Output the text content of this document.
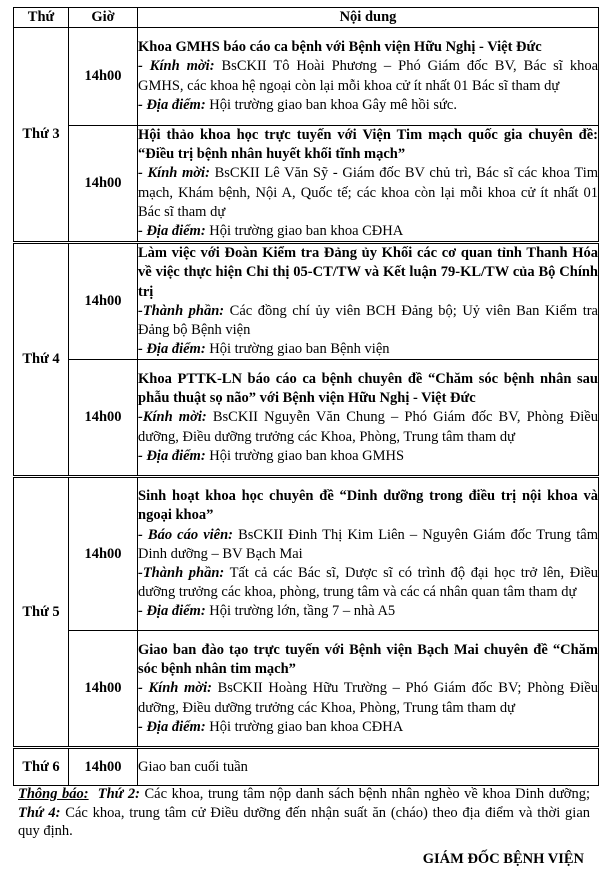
Thứ	Giờ	Nội dung
Thứ 3	14h00	Khoa GMHS báo cáo ca bệnh với Bệnh viện Hữu Nghị - Việt Đức
- Kính mời: BsCKII Tô Hoài Phương – Phó Giám đốc BV, Bác sĩ khoa GMHS, các khoa hệ ngoại còn lại mỗi khoa cử ít nhất 01 Bác sĩ tham dự
- Địa điểm: Hội trường giao ban khoa Gây mê hồi sức.

	14h00	Hội thảo khoa học trực tuyến với Viện Tim mạch quốc gia chuyên đề: “Điều trị bệnh nhân huyết khối tĩnh mạch”
- Kính mời: BsCKII Lê Văn Sỹ - Giám đốc BV chủ trì, Bác sĩ các khoa Tim mạch, Khám bệnh, Nội A, Quốc tế; các khoa còn lại mỗi khoa cử ít nhất 01 Bác sĩ tham dự
- Địa điểm: Hội trường giao ban khoa CĐHA

Thứ 4	14h00	Làm việc với Đoàn Kiểm tra Đảng ủy Khối các cơ quan tỉnh Thanh Hóa về việc thực hiện Chỉ thị 05-CT/TW và Kết luận 79-KL/TW của Bộ Chính trị
-Thành phần: Các đồng chí ủy viên BCH Đảng bộ; Uỷ viên Ban Kiểm tra Đảng bộ Bệnh viện
- Địa điểm: Hội trường giao ban Bệnh viện

	14h00	Khoa PTTK-LN báo cáo ca bệnh chuyên đề “Chăm sóc bệnh nhân sau phẫu thuật sọ não” với Bệnh viện Hữu Nghị - Việt Đức
-Kính mời: BsCKII Nguyễn Văn Chung – Phó Giám đốc BV, Phòng Điều dưỡng, Điều dưỡng trưởng các Khoa, Phòng, Trung tâm tham dự
- Địa điểm: Hội trường giao ban khoa GMHS

Thứ 5	14h00	Sinh hoạt khoa học chuyên đề “Dinh dưỡng trong điều trị nội khoa và ngoại khoa”
- Báo cáo viên: BsCKII Đinh Thị Kim Liên – Nguyên Giám đốc Trung tâm Dinh dưỡng – BV Bạch Mai
-Thành phần: Tất cả các Bác sĩ, Dược sĩ có trình độ đại học trở lên, Điều dưỡng trưởng các khoa, phòng, trung tâm và các cá nhân quan tâm tham dự
- Địa điểm: Hội trường lớn, tầng 7 – nhà A5

	14h00	Giao ban đào tạo trực tuyến với Bệnh viện Bạch Mai chuyên đề “Chăm sóc bệnh nhân tim mạch”
- Kính mời: BsCKII Hoàng Hữu Trường – Phó Giám đốc BV; Phòng Điều dưỡng, Điều dưỡng trưởng các Khoa, Phòng, Trung tâm tham dự
- Địa điểm: Hội trường giao ban khoa CĐHA

Thứ 6	14h00	Giao ban cuối tuần
Thông báo: Thứ 2: Các khoa, trung tâm nộp danh sách bệnh nhân nghèo về khoa Dinh dưỡng; Thứ 4: Các khoa, trung tâm cử Điều dưỡng đến nhận suất ăn (cháo) theo địa điểm và thời gian quy định.
GIÁM ĐỐC BỆNH VIỆN
